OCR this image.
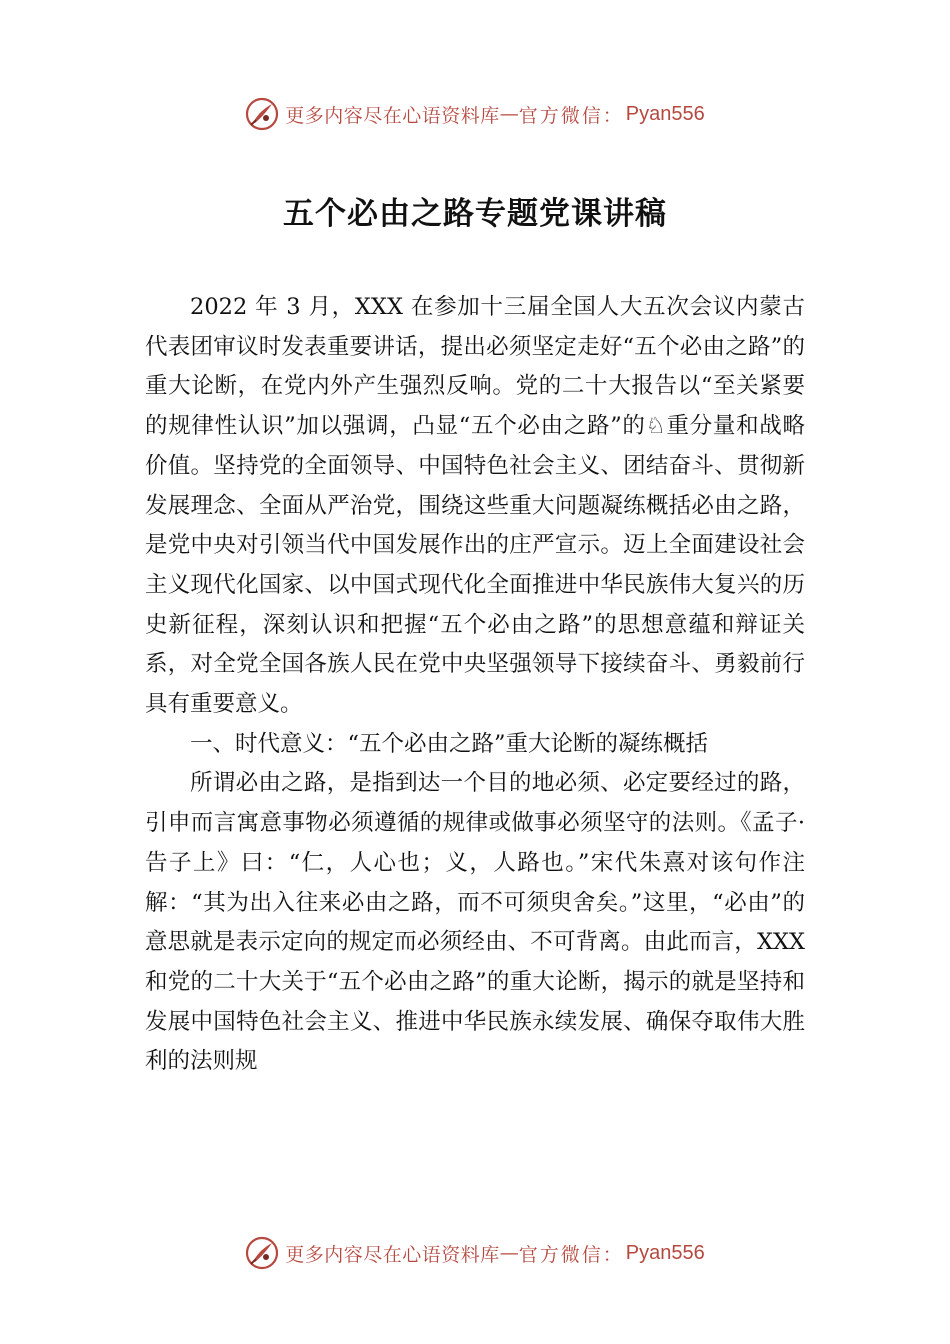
更多内容尽在心语资料库 — 官方微信： Pyan556
五个必由之路专题党课讲稿

2022 年 3 月，XXX 在参加十三届全国人大五次会议内蒙古代表团审议时发表重要讲话，提出必须坚定走好“五个必由之路”的重大论断，在党内外产生强烈反响。党的二十大报告以“至关紧要的规律性认识”加以强调，凸显“五个必由之路”的♘重分量和战略价值。坚持党的全面领导、中国特色社会主义、团结奋斗、贯彻新发展理念、全面从严治党，围绕这些重大问题凝练概括必由之路，是党中央对引领当代中国发展作出的庄严宣示。迈上全面建设社会主义现代化国家、以中国式现代化全面推进中华民族伟大复兴的历史新征程，深刻认识和把握“五个必由之路”的思想意蕴和辩证关系，对全党全国各族人民在党中央坚强领导下接续奋斗、勇毅前行具有重要意义。

一、时代意义：“五个必由之路”重大论断的凝练概括

所谓必由之路，是指到达一个目的地必须、必定要经过的路，引申而言寓意事物必须遵循的规律或做事必须坚守的法则。《孟子·告子上》曰：“仁，人心也；义，人路也。”宋代朱熹对该句作注解：“其为出入往来必由之路，而不可须臾舍矣。”这里，“必由”的意思就是表示定向的规定而必须经由、不可背离。由此而言，XXX 和党的二十大关于“五个必由之路”的重大论断，揭示的就是坚持和发展中国特色社会主义、推进中华民族永续发展、确保夺取伟大胜利的法则规

更多内容尽在心语资料库 — 官方微信： Pyan556
